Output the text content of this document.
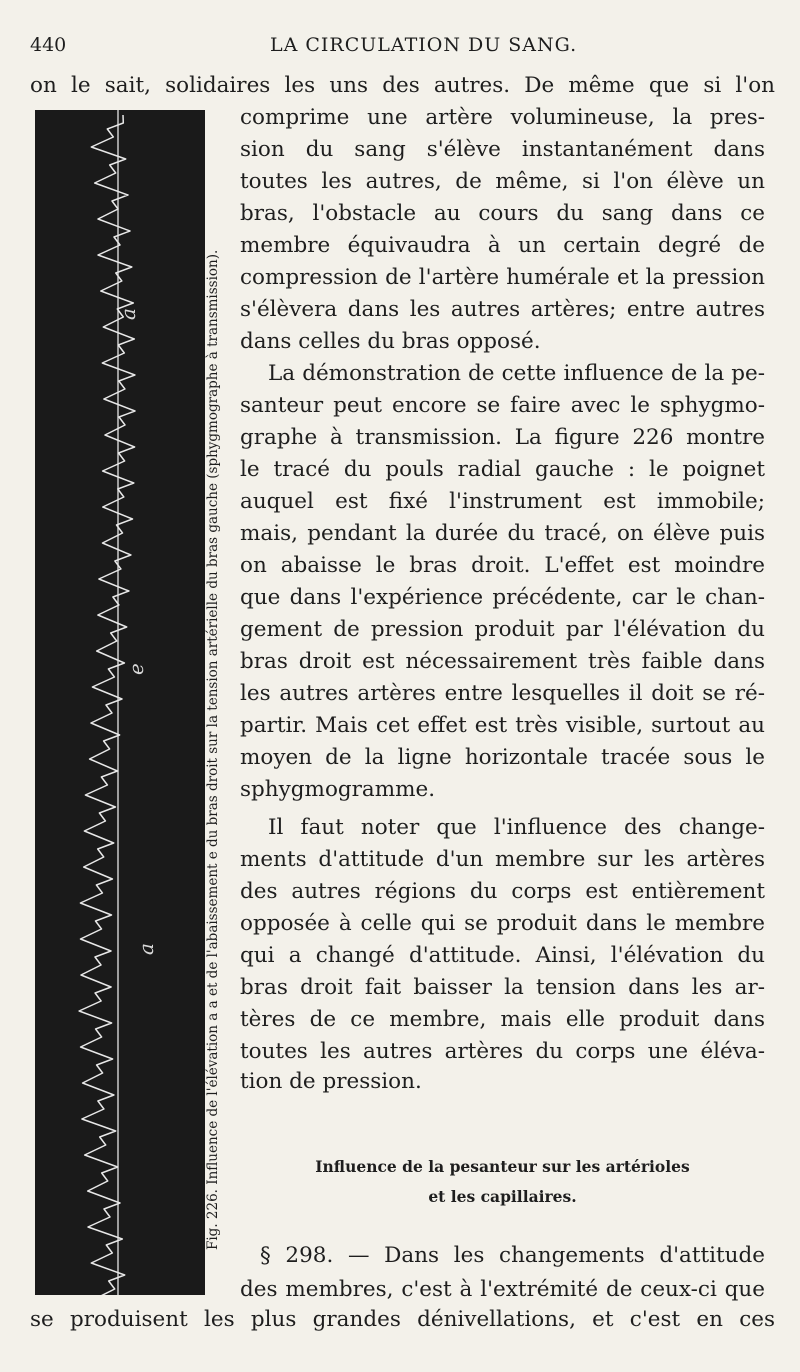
440	LA CIRCULATION DU SANG.
on le sait, solidaires les uns des autres. De même que si l'on
comprime une artère volumineuse, la pres-
sion du sang s'élève instantanément dans
toutes les autres, de même, si l'on élève un
bras, l'obstacle au cours du sang dans ce
membre équivaudra à un certain degré de
compression de l'artère humérale et la pression
s'élèvera dans les autres artères; entre autres
dans celles du bras opposé.
La démonstration de cette influence de la pe-
santeur peut encore se faire avec le sphygmo-
graphe à transmission. La figure 226 montre
le tracé du pouls radial gauche : le poignet
auquel est fixé l'instrument est immobile;
mais, pendant la durée du tracé, on élève puis
on abaisse le bras droit. L'effet est moindre
que dans l'expérience précédente, car le chan-
gement de pression produit par l'élévation du
bras droit est nécessairement très faible dans
les autres artères entre lesquelles il doit se ré-
partir. Mais cet effet est très visible, surtout au
moyen de la ligne horizontale tracée sous le
sphygmogramme.
Il faut noter que l'influence des change-
ments d'attitude d'un membre sur les artères
des autres régions du corps est entièrement
opposée à celle qui se produit dans le membre
qui a changé d'attitude. Ainsi, l'élévation du
bras droit fait baisser la tension dans les ar-
tères de ce membre, mais elle produit dans
toutes les autres artères du corps une éléva-
tion de pression.
Influence de la pesanteur sur les artérioles
et les capillaires.
§ 298. — Dans les changements d'attitude
des membres, c'est à l'extrémité de ceux-ci que
se produisent les plus grandes dénivellations, et c'est en ces
a
e
a	Fig. 226. Influence de l'élévation a a et de l'abaissement e du bras droit sur la tension artérielle du bras gauche (sphygmographe à transmission).
